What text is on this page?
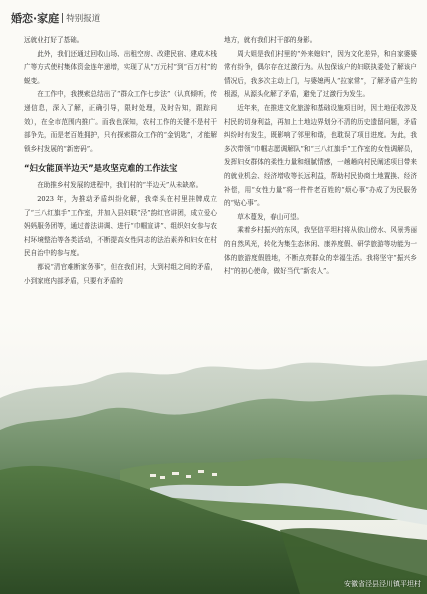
婚恋·家庭 特别报道

远就业打好了基础。

此外，我们还通过回收山场、出租空房、改建民宿、建成木栈广等方式使村集体资金连年递增，实现了从“万元村”到“百万村”的蜕变。

在工作中，我摸索总结出了“群众工作七步法”（认真倾听，传递信息，深入了解，正确引导，限时处理，及时告知，跟踪问效），在全市范围内推广。而我也深知，农村工作的关键不是村干部争先，而是老百姓拥护，只有探索群众工作的“金钥匙”，才能解锁乡村发展的“新密码”。

“妇女能顶半边天”是攻坚克难的工作法宝

在助推乡村发展的进程中，我们村的“半边天”从未缺席。

2023 年，为推动矛盾纠纷化解，我牵头在村里挂牌成立了“三八红旗手”工作室，并加入县妇联“泾”韵红官讲团，成立爱心妈妈服务团等，通过普法讲调、进行“巾帼宣讲”、组织妇女参与农村环境整治等各类活动，不断提高女性同志的法治素养和妇女在村民自治中的参与度。

都说“清官难断家务事”，但在我们村，大到村组之间的矛盾，小到家庭内部矛盾，只要有矛盾的

地方，就有我们村干部的身影。

周大姐是我们村里的“外来媳妇”，因为文化差异，和自家婆婆常有纷争，偶尔存在过激行为。从包保该户的妇联执委处了解该户情况后，我多次主动上门，与婆媳两人“拉家常”，了解矛盾产生的根源，从源头化解了矛盾，避免了过激行为发生。

近年来，在推进文化旅游和基础设施项目时，因土地征收涉及村民的切身利益，再加上土地边界划分不清的历史遗留问题，矛盾纠纷时有发生，既影响了邻里和谐，也耽误了项目进度。为此，我多次带领“巾帼志愿调解队”和“三八红旗手”工作室的女性调解员，发挥妇女群体的柔性力量和细腻情感，一趟趟向村民阐述项目带来的就业机会、经济增收等长远利益，帮助村民协商土地置换、经济补偿，用“女性力量”将一件件老百姓的“烦心事”办成了为民服务的“贴心事”。

草木蔓发，春山可望。

乘着乡村振兴的东风，我坚信平坦村将从依山傍水、风景秀丽的自然风光，转化为集生态休闲、康养度假、研学旅游等功能为一体的旅游度假胜地，不断点亮群众的幸福生活。我将坚守“振兴乡村”的初心使命，做好当代“新农人”。

安徽省泾县泾川镇平坦村
